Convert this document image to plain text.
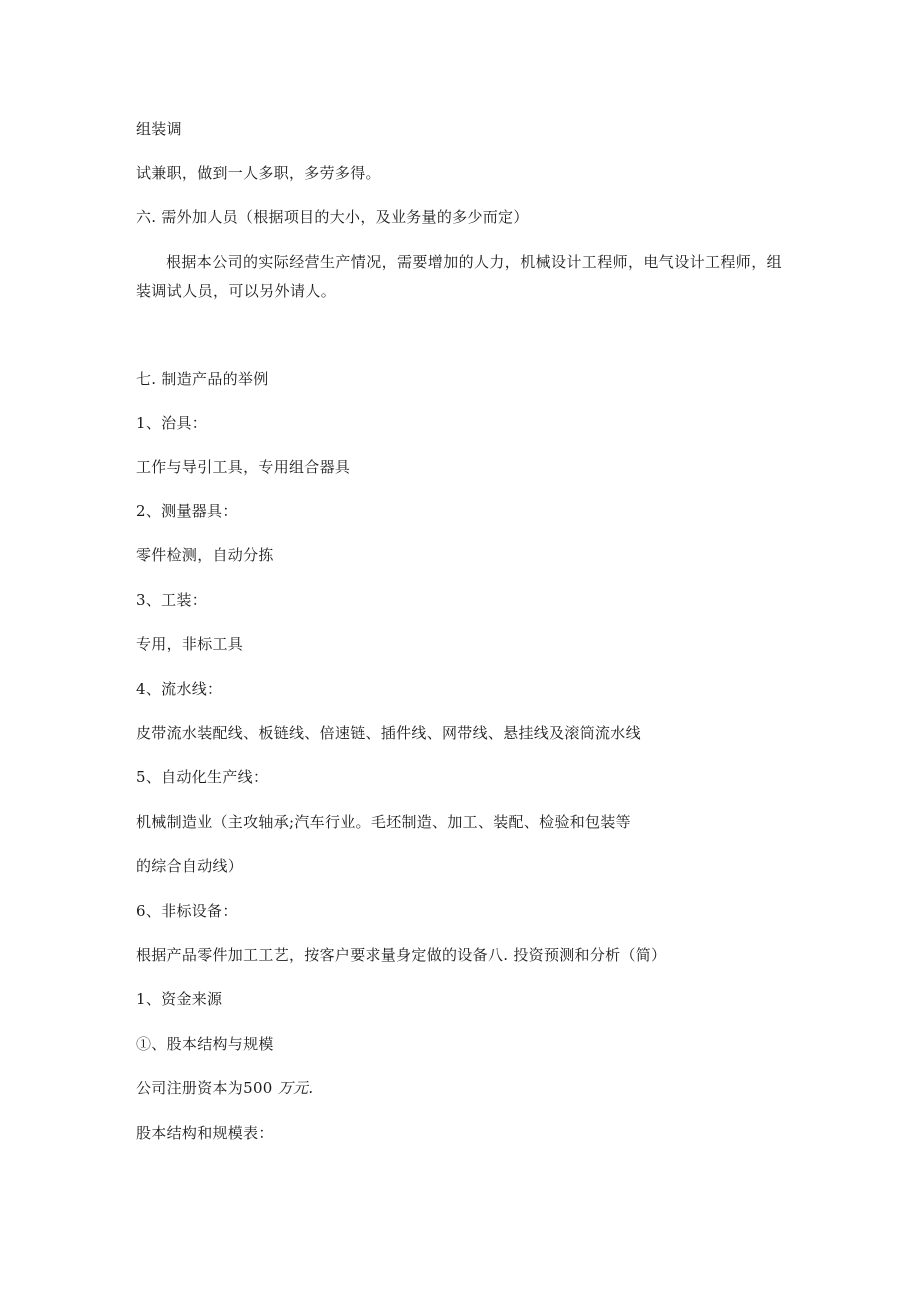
组装调
试兼职，做到一人多职，多劳多得。
六. 需外加人员（根据项目的大小，及业务量的多少而定）
根据本公司的实际经营生产情况，需要增加的人力，机械设计工程师，电气设计工程师，组装调试人员，可以另外请人。
七. 制造产品的举例
1、治具：
工作与导引工具，专用组合器具
2、测量器具：
零件检测，自动分拣
3、工装：
专用，非标工具
4、流水线：
皮带流水装配线、板链线、倍速链、插件线、网带线、悬挂线及滚筒流水线
5、自动化生产线：
机械制造业（主攻轴承;汽车行业。毛坯制造、加工、装配、检验和包装等
的综合自动线）
6、非标设备：
根据产品零件加工工艺，按客户要求量身定做的设备八. 投资预测和分析（简）
1、资金来源
①、股本结构与规模
公司注册资本为500 万元.
股本结构和规模表：
